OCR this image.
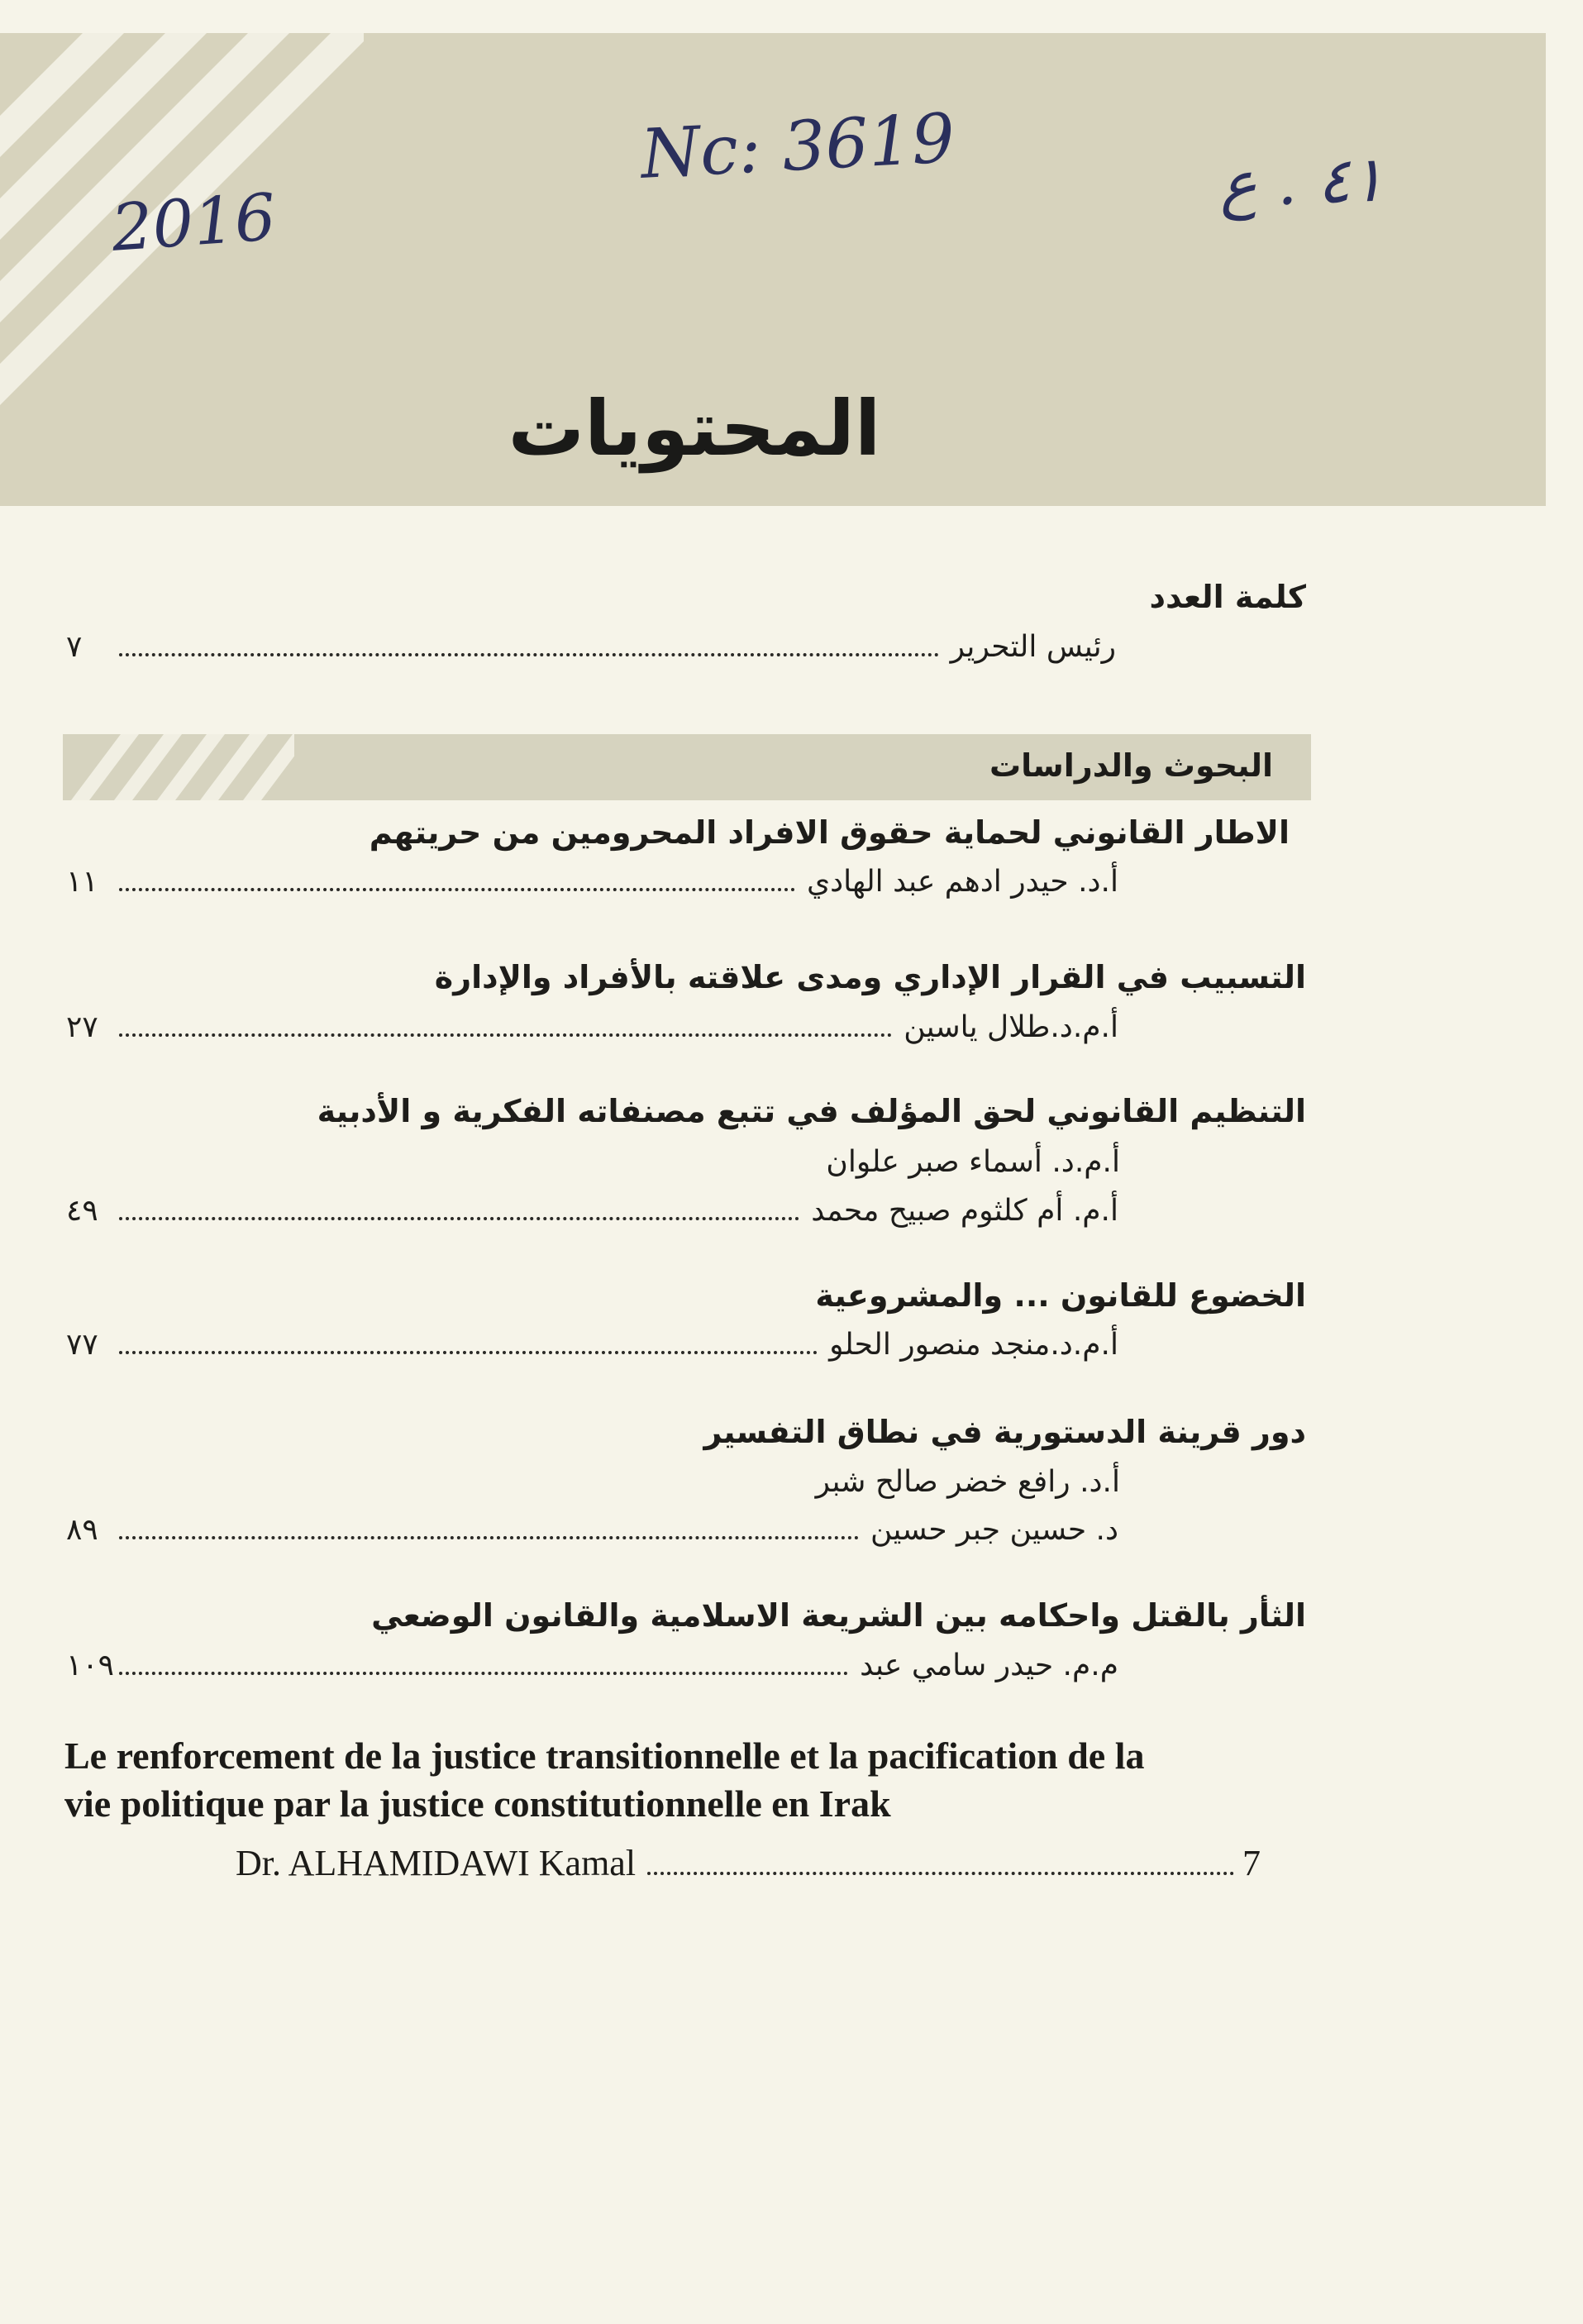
2016
Nc: 3619	٤١ . ع
المحتويات
كلمة العدد
رئيس التحرير
٧
البحوث والدراسات
الاطار القانوني لحماية حقوق الافراد المحرومين من حريتهم
أ.د. حيدر ادهم عبد الهادي
١١
التسبيب في القرار الإداري ومدى علاقته بالأفراد والإدارة
أ.م.د.طلال ياسين
٢٧
التنظيم القانوني لحق المؤلف في تتبع مصنفاته الفكرية و الأدبية
أ.م.د. أسماء صبر علوان
أ.م. أم كلثوم صبيح محمد
٤٩
الخضوع للقانون ... والمشروعية
أ.م.د.منجد منصور الحلو
٧٧
دور قرينة الدستورية في نطاق التفسير
أ.د. رافع خضر صالح شبر
د. حسين جبر حسين
٨٩
الثأر بالقتل واحكامه بين الشريعة الاسلامية والقانون الوضعي
م.م. حيدر سامي عبد
١٠٩
Le renforcement de la justice transitionnelle et la pacification de la
vie politique par la justice constitutionnelle en Irak
Dr. ALHAMIDAWI Kamal	7
